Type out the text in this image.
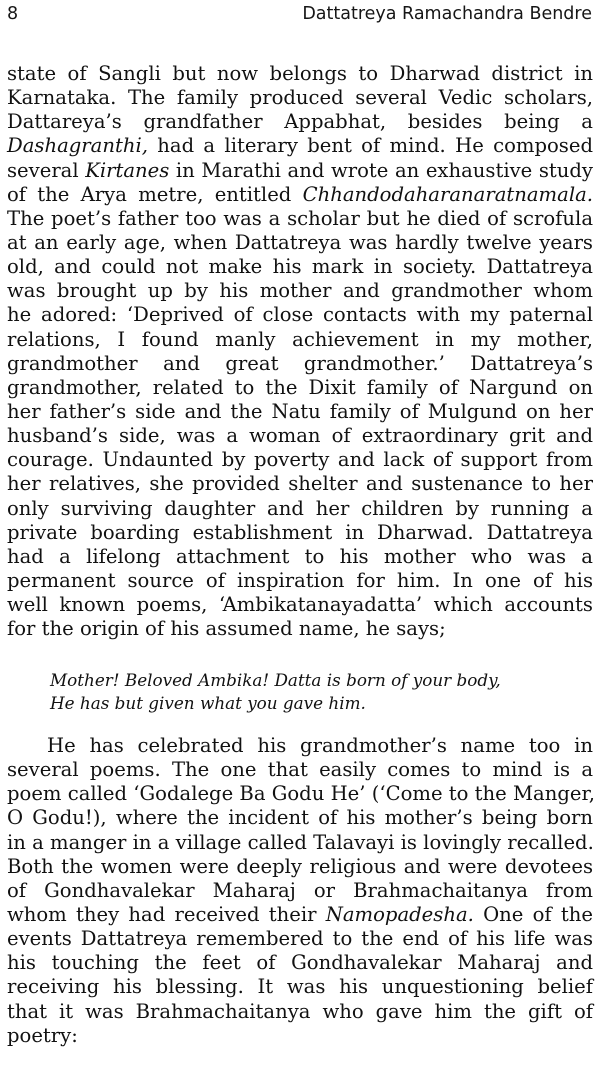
8	Dattatreya Ramachandra Bendre
state of Sangli but now belongs to Dharwad district in
Karnataka. The family produced several Vedic scholars,
Dattareya’s grandfather Appabhat, besides being a
Dashagranthi, had a literary bent of mind. He composed
several Kirtanes in Marathi and wrote an exhaustive study
of the Arya metre, entitled Chhandodaharanaratnamala.
The poet’s father too was a scholar but he died of scrofula
at an early age, when Dattatreya was hardly twelve years
old, and could not make his mark in society. Dattatreya
was brought up by his mother and grandmother whom
he adored: ‘Deprived of close contacts with my paternal
relations, I found manly achievement in my mother,
grandmother and great grandmother.’ Dattatreya’s
grandmother, related to the Dixit family of Nargund on
her father’s side and the Natu family of Mulgund on her
husband’s side, was a woman of extraordinary grit and
courage. Undaunted by poverty and lack of support from
her relatives, she provided shelter and sustenance to her
only surviving daughter and her children by running a
private boarding establishment in Dharwad. Dattatreya
had a lifelong attachment to his mother who was a
permanent source of inspiration for him. In one of his
well known poems, ‘Ambikatanayadatta’ which accounts
for the origin of his assumed name, he says;
Mother! Beloved Ambika! Datta is born of your body,
He has but given what you gave him.
He has celebrated his grandmother’s name too in
several poems. The one that easily comes to mind is a
poem called ‘Godalege Ba Godu He’ (‘Come to the Manger,
O Godu!), where the incident of his mother’s being born
in a manger in a village called Talavayi is lovingly recalled.
Both the women were deeply religious and were devotees
of Gondhavalekar Maharaj or Brahmachaitanya from
whom they had received their Namopadesha. One of the
events Dattatreya remembered to the end of his life was
his touching the feet of Gondhavalekar Maharaj and
receiving his blessing. It was his unquestioning belief
that it was Brahmachaitanya who gave him the gift of
poetry:
